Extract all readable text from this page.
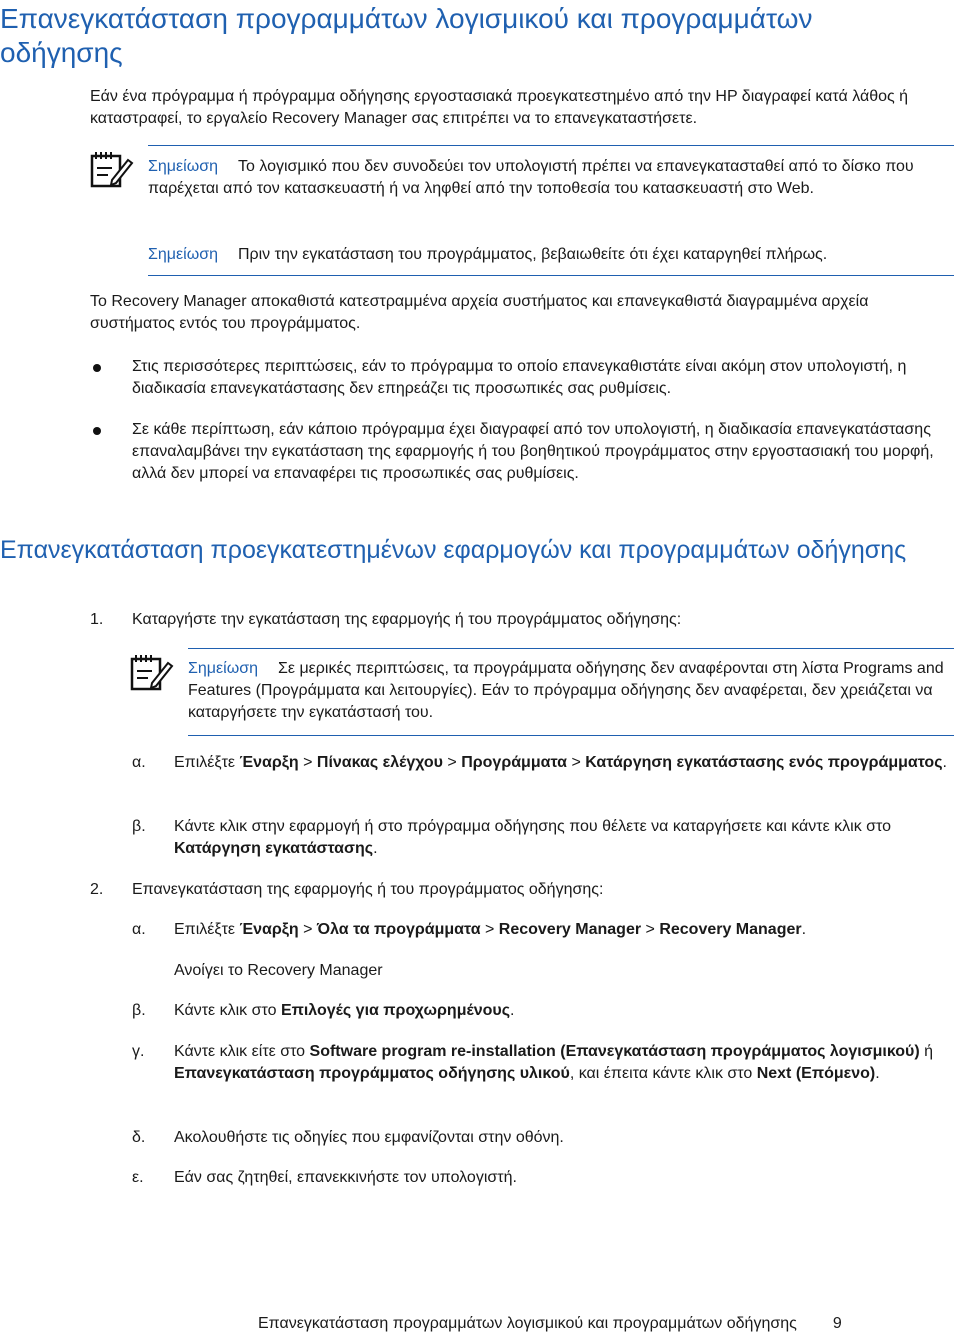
Επανεγκατάσταση προγραμμάτων λογισμικού και προγραμμάτων οδήγησης
Εάν ένα πρόγραμμα ή πρόγραμμα οδήγησης εργοστασιακά προεγκατεστημένο από την HP διαγραφεί κατά λάθος ή καταστραφεί, το εργαλείο Recovery Manager σας επιτρέπει να το επανεγκαταστήσετε.
Σημείωση Το λογισμικό που δεν συνοδεύει τον υπολογιστή πρέπει να επανεγκατασταθεί από το δίσκο που παρέχεται από τον κατασκευαστή ή να ληφθεί από την τοποθεσία του κατασκευαστή στο Web.
Σημείωση Πριν την εγκατάσταση του προγράμματος, βεβαιωθείτε ότι έχει καταργηθεί πλήρως.
Το Recovery Manager αποκαθιστά κατεστραμμένα αρχεία συστήματος και επανεγκαθιστά διαγραμμένα αρχεία συστήματος εντός του προγράμματος.
Στις περισσότερες περιπτώσεις, εάν το πρόγραμμα το οποίο επανεγκαθιστάτε είναι ακόμη στον υπολογιστή, η διαδικασία επανεγκατάστασης δεν επηρεάζει τις προσωπικές σας ρυθμίσεις.
Σε κάθε περίπτωση, εάν κάποιο πρόγραμμα έχει διαγραφεί από τον υπολογιστή, η διαδικασία επανεγκατάστασης επαναλαμβάνει την εγκατάσταση της εφαρμογής ή του βοηθητικού προγράμματος στην εργοστασιακή του μορφή, αλλά δεν μπορεί να επαναφέρει τις προσωπικές σας ρυθμίσεις.
Επανεγκατάσταση προεγκατεστημένων εφαρμογών και προγραμμάτων οδήγησης
1. Καταργήστε την εγκατάσταση της εφαρμογής ή του προγράμματος οδήγησης:
Σημείωση Σε μερικές περιπτώσεις, τα προγράμματα οδήγησης δεν αναφέρονται στη λίστα Programs and Features (Προγράμματα και λειτουργίες). Εάν το πρόγραμμα οδήγησης δεν αναφέρεται, δεν χρειάζεται να καταργήσετε την εγκατάστασή του.
α. Επιλέξτε Έναρξη > Πίνακας ελέγχου > Προγράμματα > Κατάργηση εγκατάστασης ενός προγράμματος.
β. Κάντε κλικ στην εφαρμογή ή στο πρόγραμμα οδήγησης που θέλετε να καταργήσετε και κάντε κλικ στο Κατάργηση εγκατάστασης.
2. Επανεγκατάσταση της εφαρμογής ή του προγράμματος οδήγησης:
α. Επιλέξτε Έναρξη > Όλα τα προγράμματα > Recovery Manager > Recovery Manager.
Ανοίγει το Recovery Manager
β. Κάντε κλικ στο Επιλογές για προχωρημένους.
γ. Κάντε κλικ είτε στο Software program re-installation (Επανεγκατάσταση προγράμματος λογισμικού) ή Επανεγκατάσταση προγράμματος οδήγησης υλικού, και έπειτα κάντε κλικ στο Next (Επόμενο).
δ. Ακολουθήστε τις οδηγίες που εμφανίζονται στην οθόνη.
ε. Εάν σας ζητηθεί, επανεκκινήστε τον υπολογιστή.
Επανεγκατάσταση προγραμμάτων λογισμικού και προγραμμάτων οδήγησης 9
